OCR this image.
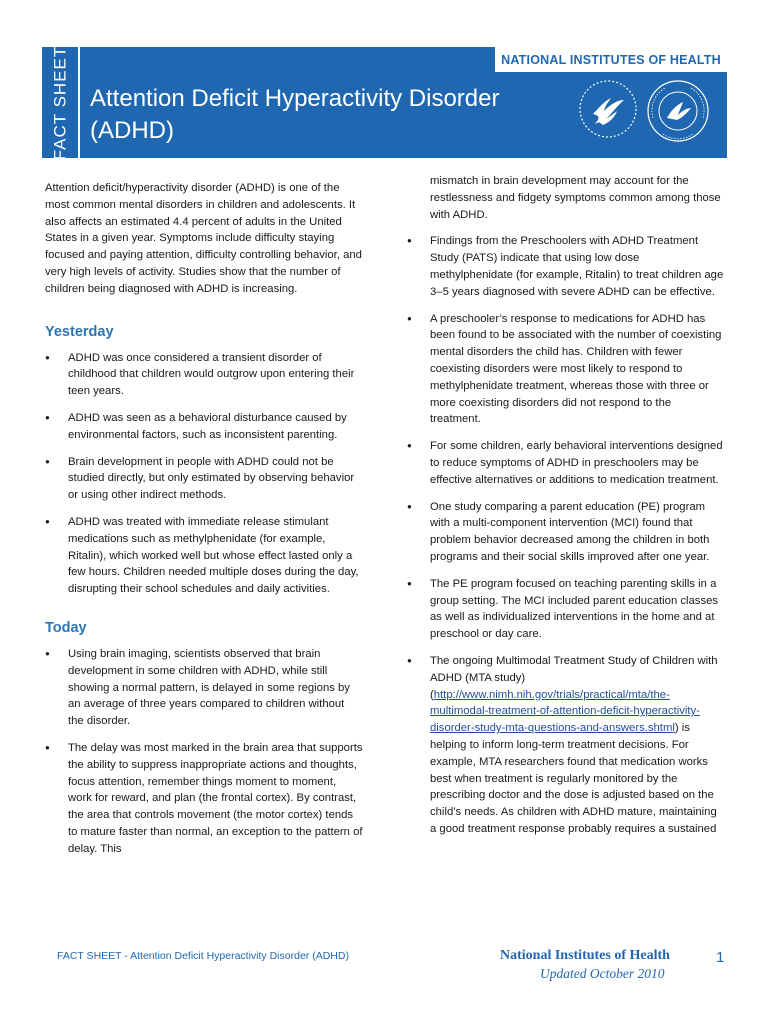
FACT SHEET	NATIONAL INSTITUTES OF HEALTH
Attention Deficit Hyperactivity Disorder (ADHD)

Attention deficit/hyperactivity disorder (ADHD) is one of the most common mental disorders in children and adolescents. It also affects an estimated 4.4 percent of adults in the United States in a given year. Symptoms include difficulty staying focused and paying attention, difficulty controlling behavior, and very high levels of activity. Studies show that the number of children being diagnosed with ADHD is increasing.

Yesterday
● ADHD was once considered a transient disorder of childhood that children would outgrow upon entering their teen years.
● ADHD was seen as a behavioral disturbance caused by environmental factors, such as inconsistent parenting.
● Brain development in people with ADHD could not be studied directly, but only estimated by observing behavior or using other indirect methods.
● ADHD was treated with immediate release stimulant medications such as methylphenidate (for example, Ritalin), which worked well but whose effect lasted only a few hours. Children needed multiple doses during the day, disrupting their school schedules and daily activities.
Today
● Using brain imaging, scientists observed that brain development in some children with ADHD, while still showing a normal pattern, is delayed in some regions by an average of three years compared to children without the disorder.
● The delay was most marked in the brain area that supports the ability to suppress inappropriate actions and thoughts, focus attention, remember things moment to moment, work for reward, and plan (the frontal cortex). By contrast, the area that controls movement (the motor cortex) tends to mature faster than normal, an exception to the pattern of delay. This

mismatch in brain development may account for the restlessness and fidgety symptoms common among those with ADHD.

● Findings from the Preschoolers with ADHD Treatment Study (PATS) indicate that using low dose methylphenidate (for example, Ritalin) to treat children age 3–5 years diagnosed with severe ADHD can be effective.
● A preschooler’s response to medications for ADHD has been found to be associated with the number of coexisting mental disorders the child has. Children with fewer coexisting disorders were most likely to respond to methylphenidate treatment, whereas those with three or more coexisting disorders did not respond to the treatment.
● For some children, early behavioral interventions designed to reduce symptoms of ADHD in preschoolers may be effective alternatives or additions to medication treatment.
● One study comparing a parent education (PE) program with a multi-component intervention (MCI) found that problem behavior decreased among the children in both programs and their social skills improved after one year.
● The PE program focused on teaching parenting skills in a group setting. The MCI included parent education classes as well as individualized interventions in the home and at preschool or day care.
● The ongoing Multimodal Treatment Study of Children with ADHD (MTA study) (http://www.nimh.nih.gov/trials/practical/mta/the-multimodal-treatment-of-attention-deficit-hyperactivity-disorder-study-mta-questions-and-answers.shtml) is helping to inform long-term treatment decisions. For example, MTA researchers found that medication works best when treatment is regularly monitored by the prescribing doctor and the dose is adjusted based on the child’s needs. As children with ADHD mature, maintaining a good treatment response probably requires a sustained
FACT SHEET - Attention Deficit Hyperactivity Disorder (ADHD)	National Institutes of Health
Updated October 2010
1
